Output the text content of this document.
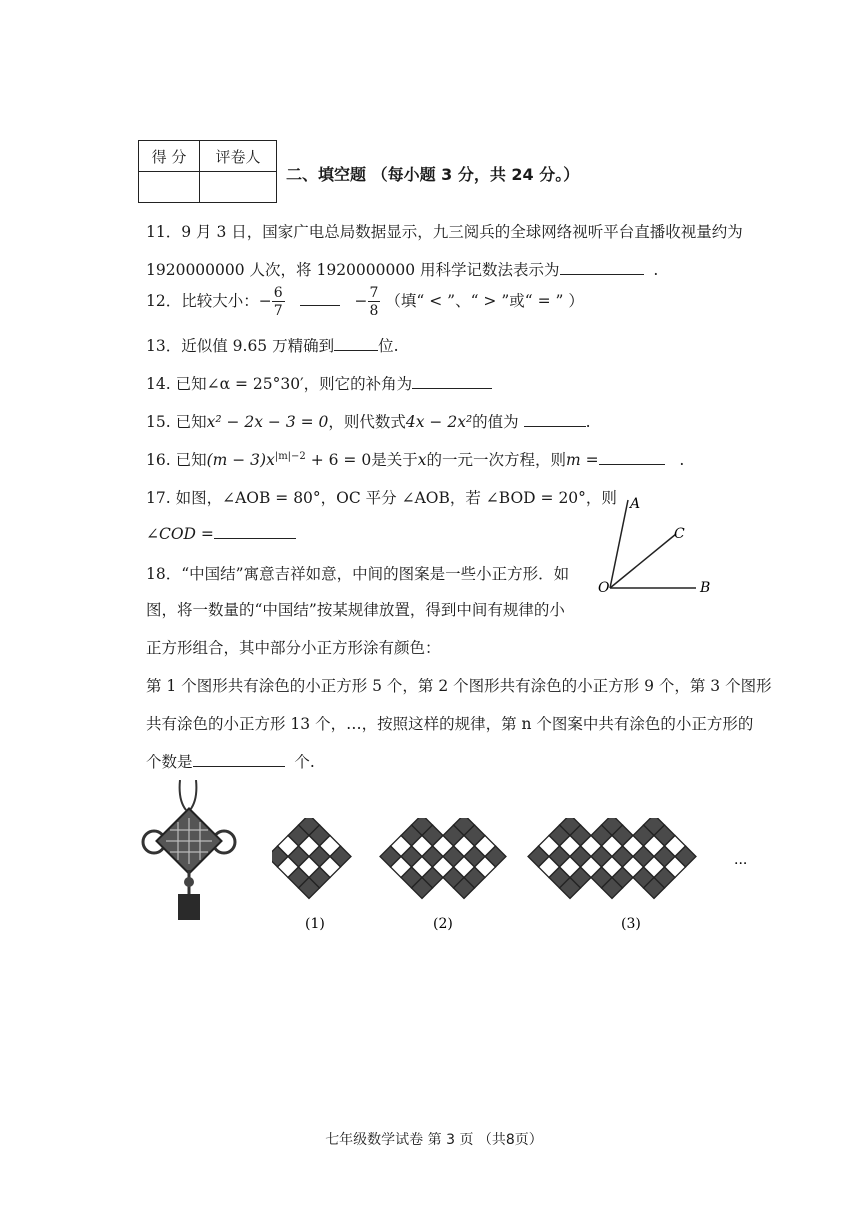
得 分	评卷人

二、填空题 （每小题 3 分，共 24 分。）
11．9 月 3 日，国家广电总局数据显示，九三阅兵的全球网络视听平台直播收视量约为
1920000000 人次，将 1920000000 用科学记数法表示为	.
12．比较大小：− $\frac{6}{7}$	− $\frac{7}{8}$ （填“ < ”、“ > ”或“ = ” ）
13．近似值 9.65 万精确到	位.
14. 已知∠α = 25°30′，则它的补角为
15. 已知x² − 2x − 3 = 0，则代数式4x − 2x²的值为	.
16. 已知$(m - 3)x^{|m|-2} + 6 = 0$是关于x的一元一次方程，则m =	.
17. 如图，∠AOB = 80°，OC 平分 ∠AOB，若 ∠BOD = 20°，则
∠COD =
A
C
O	B
18．“中国结”寓意吉祥如意，中间的图案是一些小正方形．如
图，将一数量的“中国结”按某规律放置，得到中间有规律的小
正方形组合，其中部分小正方形涂有颜色：
第 1 个图形共有涂色的小正方形 5 个，第 2 个图形共有涂色的小正方形 9 个，第 3 个图形
共有涂色的小正方形 13 个，…，按照这样的规律，第 n 个图案中共有涂色的小正方形的
个数是	个.
(1)	(2)	(3)
···
七年级数学试卷 第 3 页 （共8页）
